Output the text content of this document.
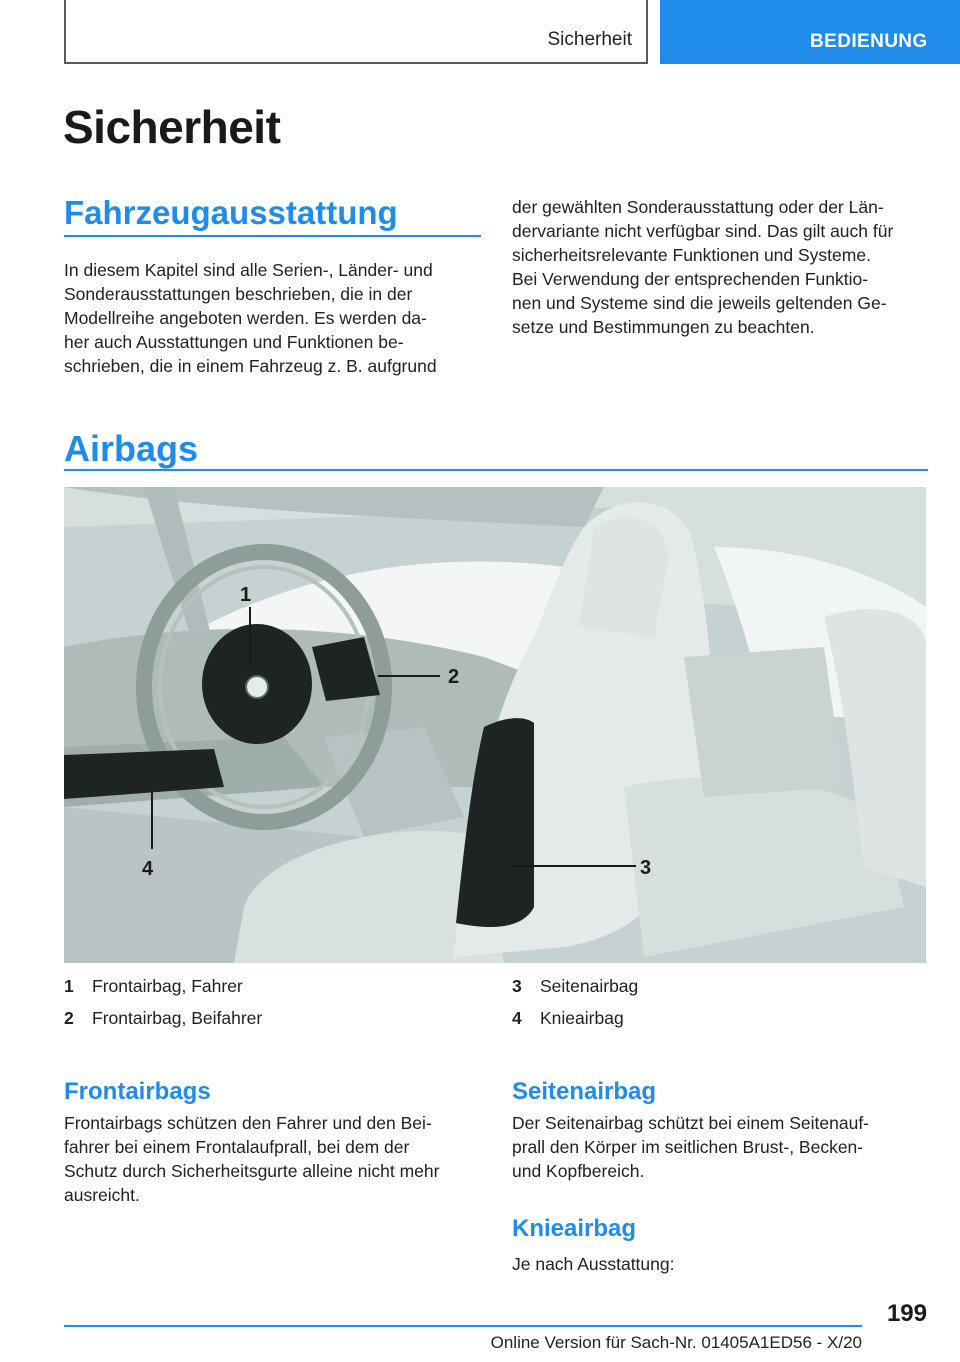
Sicherheit	BEDIENUNG
Sicherheit
Fahrzeugausstattung
In diesem Kapitel sind alle Serien-, Länder- und
Sonderausstattungen beschrieben, die in der
Modellreihe angeboten werden. Es werden da-
her auch Ausstattungen und Funktionen be-
schrieben, die in einem Fahrzeug z. B. aufgrund
der gewählten Sonderausstattung oder der Län-
dervariante nicht verfügbar sind. Das gilt auch für
sicherheitsrelevante Funktionen und Systeme.
Bei Verwendung der entsprechenden Funktio-
nen und Systeme sind die jeweils geltenden Ge-
setze und Bestimmungen zu beachten.
Airbags
1
2
3
4
1	Frontairbag, Fahrer
2	Frontairbag, Beifahrer
3	Seitenairbag
4	Knieairbag
Frontairbags
Frontairbags schützen den Fahrer und den Bei-
fahrer bei einem Frontalaufprall, bei dem der
Schutz durch Sicherheitsgurte alleine nicht mehr
ausreicht.
Seitenairbag
Der Seitenairbag schützt bei einem Seitenauf-
prall den Körper im seitlichen Brust-, Becken-
und Kopfbereich.
Knieairbag
Je nach Ausstattung:
199
Online Version für Sach-Nr. 01405A1ED56 - X/20
